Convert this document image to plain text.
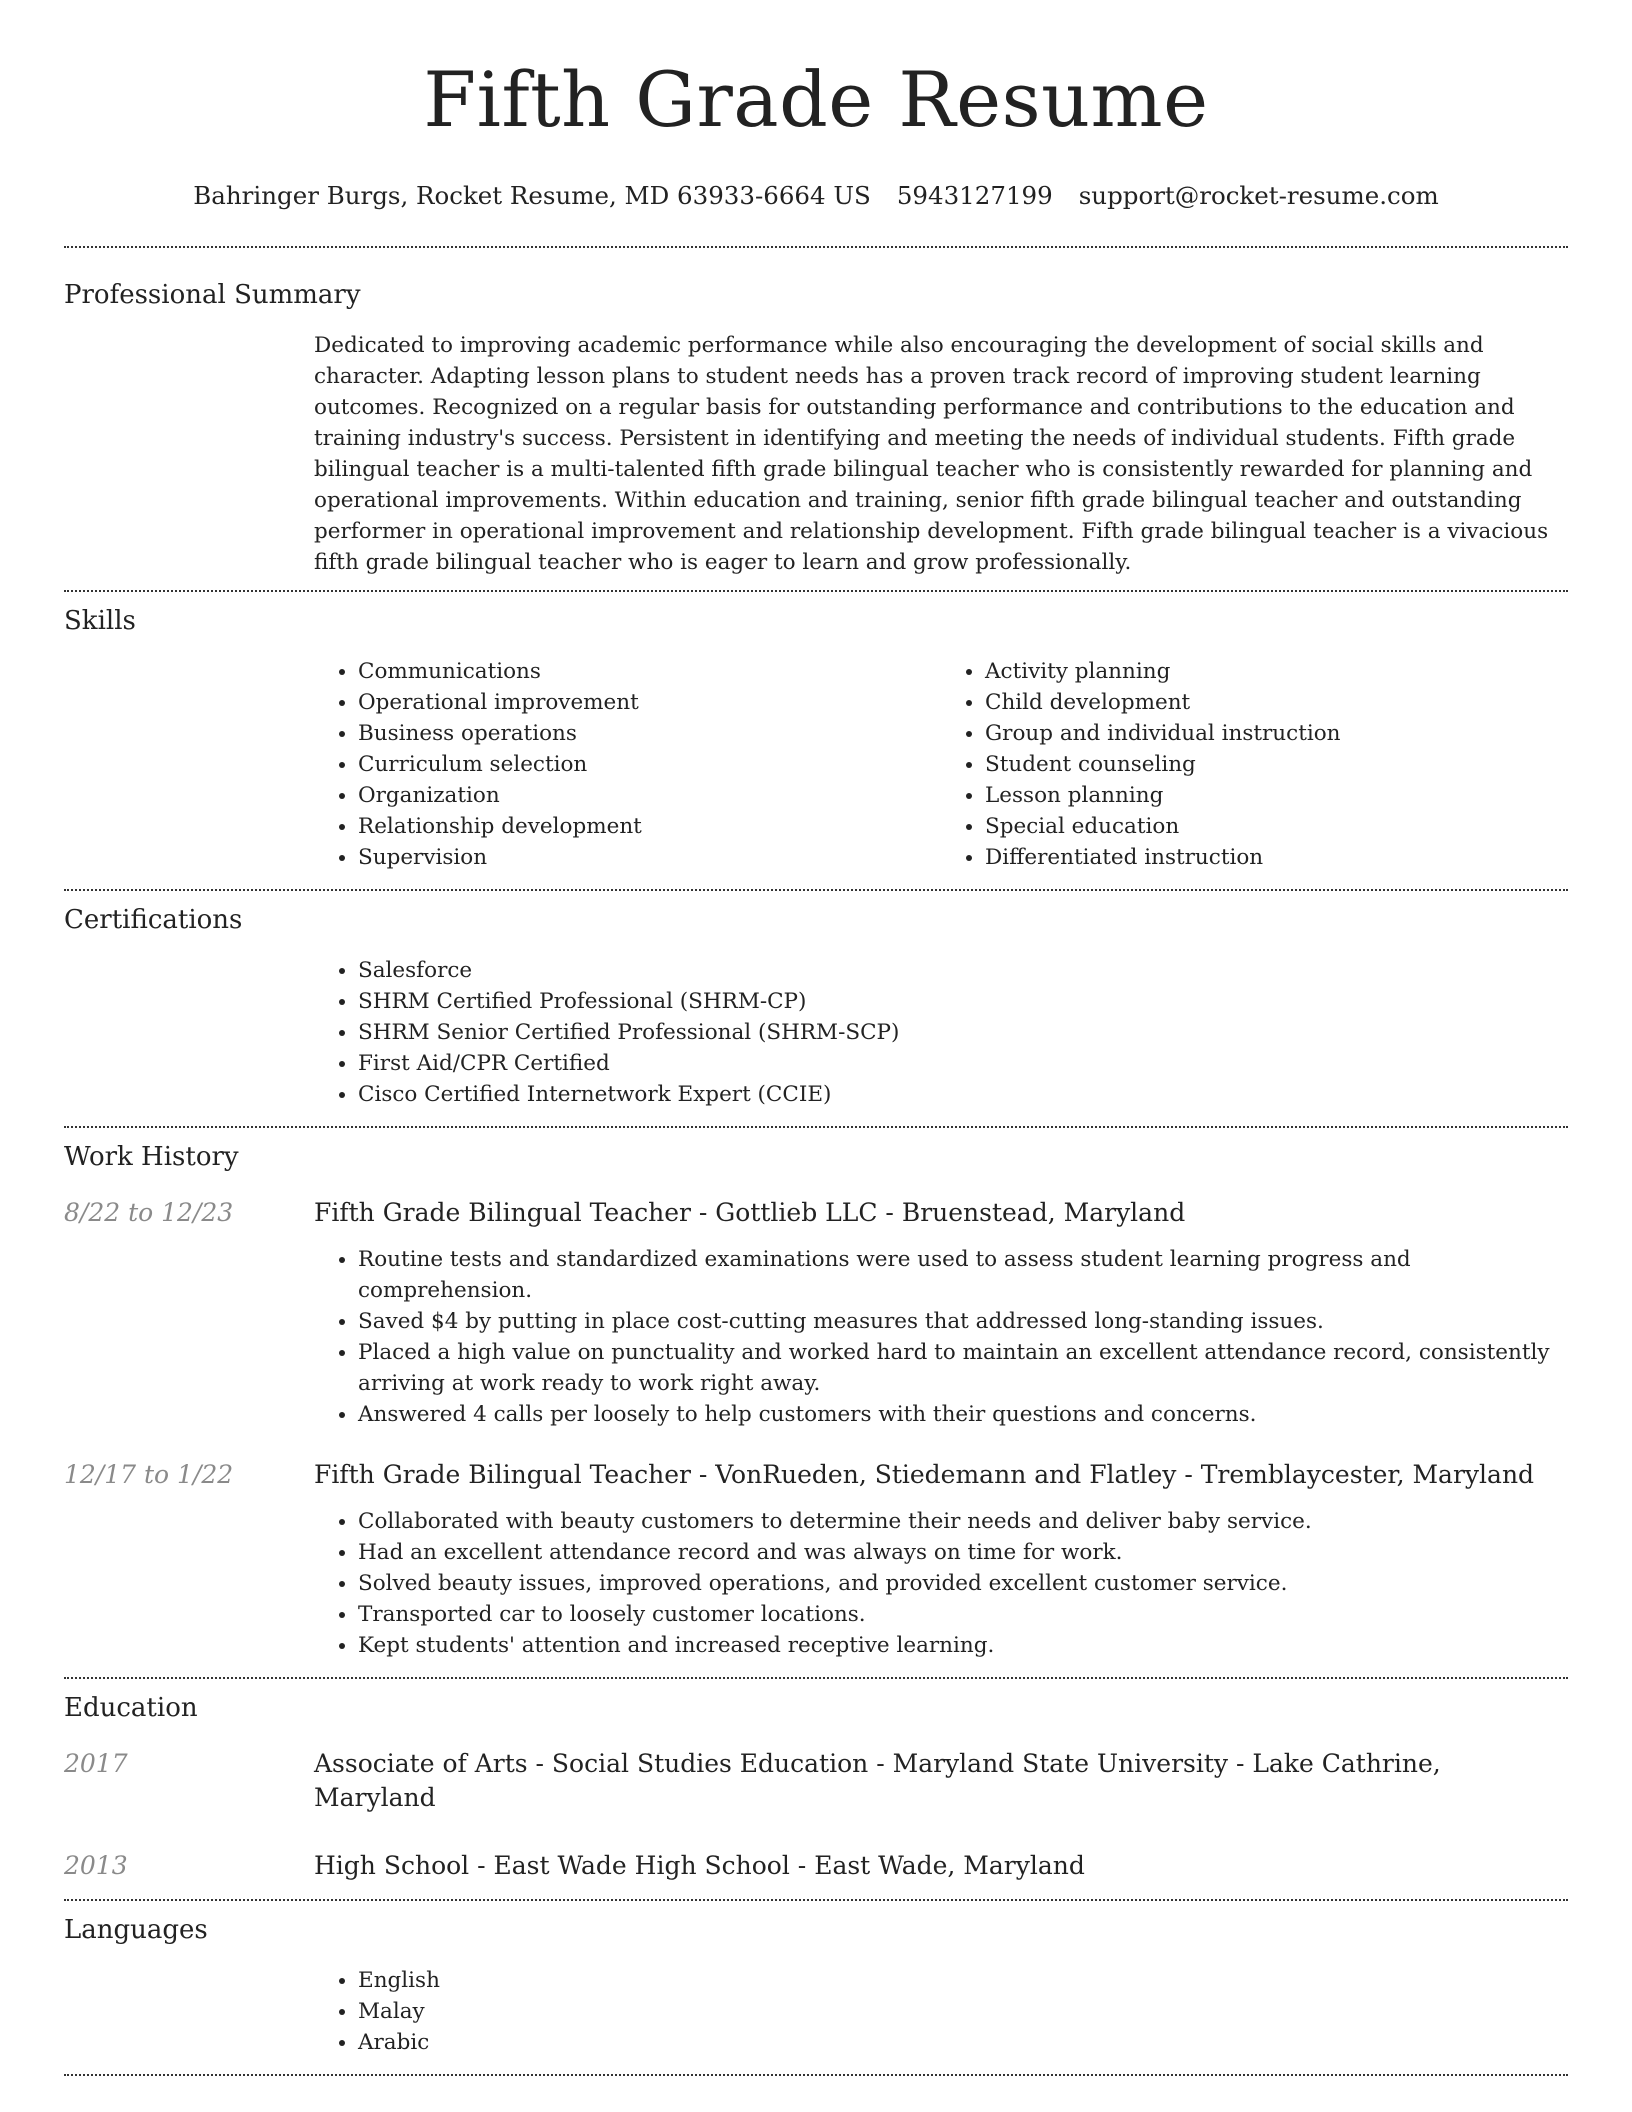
Fifth Grade Resume
Bahringer Burgs, Rocket Resume, MD 63933-6664 US 5943127199 support@rocket-resume.com
Professional Summary

Dedicated to improving academic performance while also encouraging the development of social skills and character. Adapting lesson plans to student needs has a proven track record of improving student learning outcomes. Recognized on a regular basis for outstanding performance and contributions to the education and training industry's success. Persistent in identifying and meeting the needs of individual students. Fifth grade bilingual teacher is a multi-talented fifth grade bilingual teacher who is consistently rewarded for planning and operational improvements. Within education and training, senior fifth grade bilingual teacher and outstanding performer in operational improvement and relationship development. Fifth grade bilingual teacher is a vivacious fifth grade bilingual teacher who is eager to learn and grow professionally.

Skills
• Communications
• Operational improvement
• Business operations
• Curriculum selection
• Organization
• Relationship development
• Supervision
• Activity planning
• Child development
• Group and individual instruction
• Student counseling
• Lesson planning
• Special education
• Differentiated instruction
Certifications
• Salesforce
• SHRM Certified Professional (SHRM-CP)
• SHRM Senior Certified Professional (SHRM-SCP)
• First Aid/CPR Certified
• Cisco Certified Internetwork Expert (CCIE)
Work History
8/22 to 12/23	Fifth Grade Bilingual Teacher - Gottlieb LLC - Bruenstead, Maryland
• Routine tests and standardized examinations were used to assess student learning progress and comprehension.
• Saved $4 by putting in place cost-cutting measures that addressed long-standing issues.
• Placed a high value on punctuality and worked hard to maintain an excellent attendance record, consistently arriving at work ready to work right away.
• Answered 4 calls per loosely to help customers with their questions and concerns.
12/17 to 1/22	Fifth Grade Bilingual Teacher - VonRueden, Stiedemann and Flatley - Tremblaycester, Maryland
• Collaborated with beauty customers to determine their needs and deliver baby service.
• Had an excellent attendance record and was always on time for work.
• Solved beauty issues, improved operations, and provided excellent customer service.
• Transported car to loosely customer locations.
• Kept students' attention and increased receptive learning.
Education
2017	Associate of Arts - Social Studies Education - Maryland State University - Lake Cathrine, Maryland
2013	High School - East Wade High School - East Wade, Maryland
Languages
• English
• Malay
• Arabic
